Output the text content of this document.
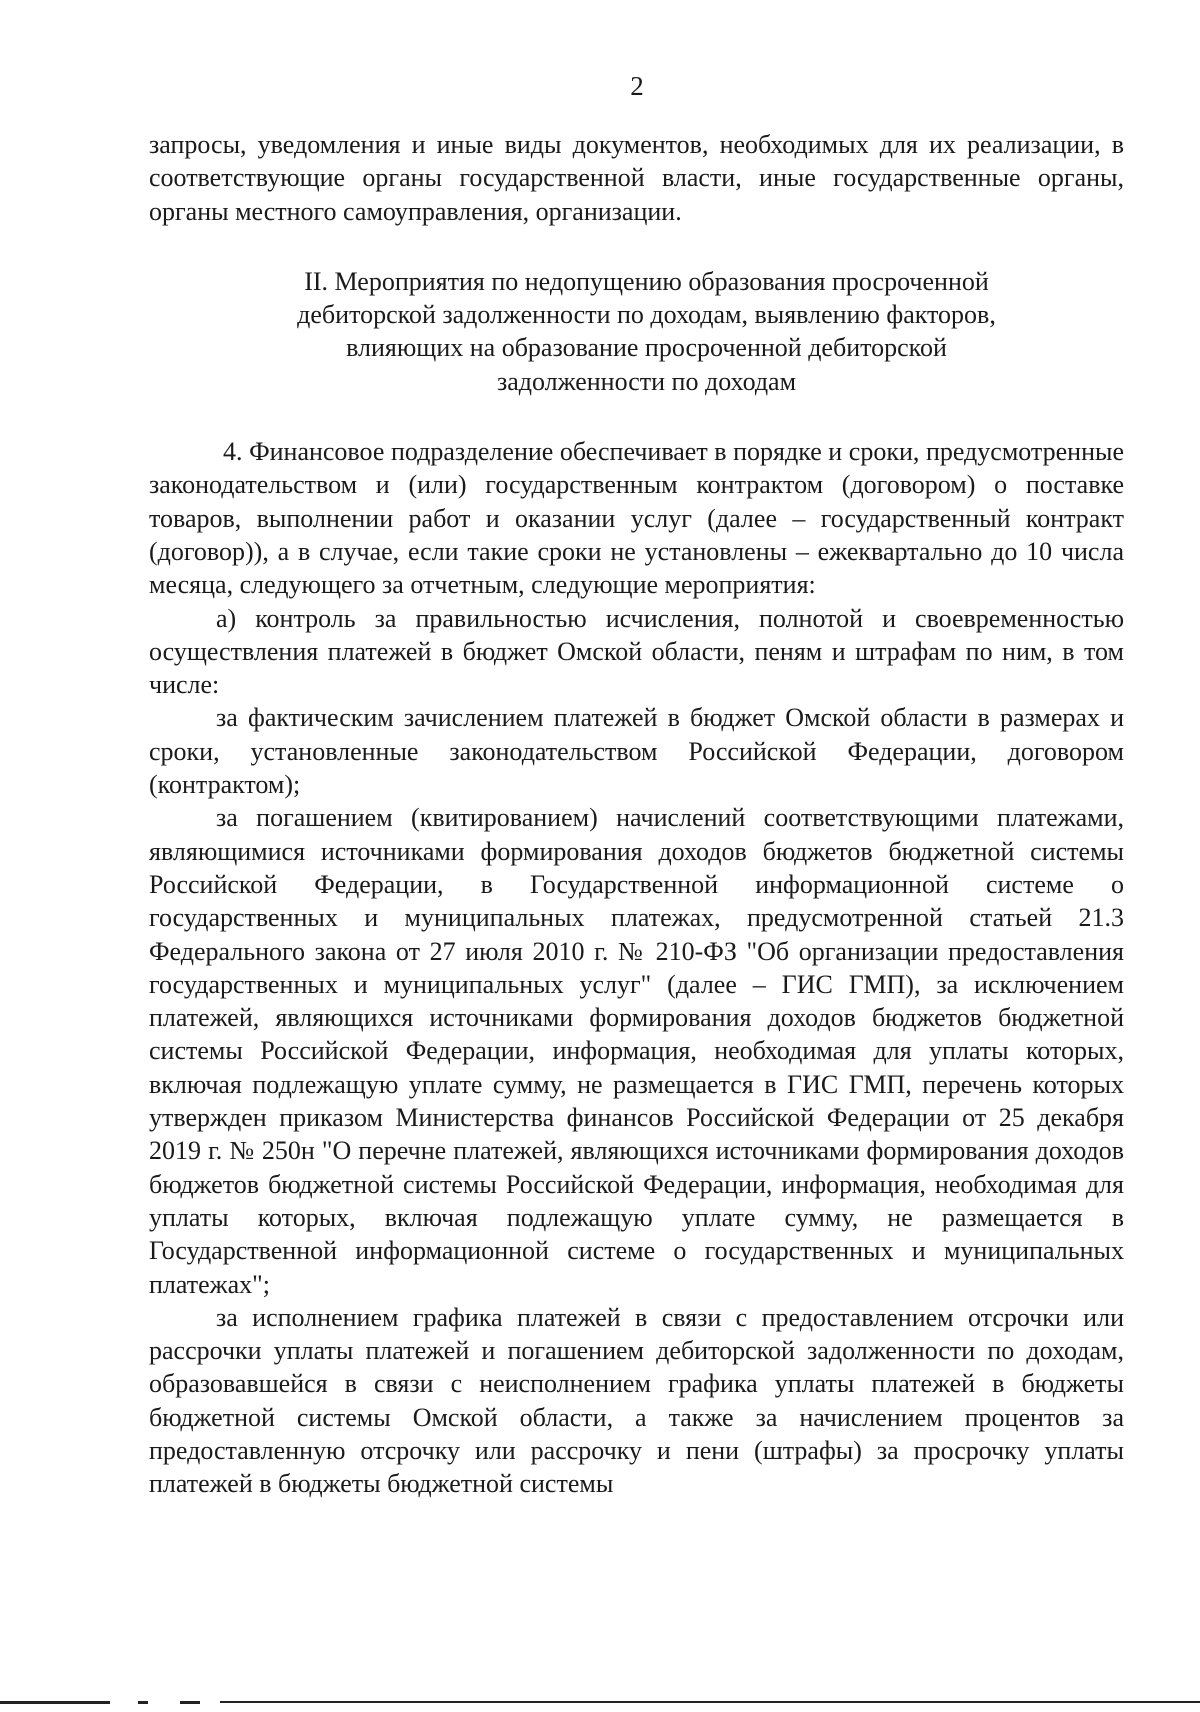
2

запросы, уведомления и иные виды документов, необходимых для их реализации, в соответствующие органы государственной власти, иные государственные органы, органы местного самоуправления, организации.

II. Мероприятия по недопущению образования просроченной
дебиторской задолженности по доходам, выявлению факторов,
влияющих на образование просроченной дебиторской
задолженности по доходам

4. Финансовое подразделение обеспечивает в порядке и сроки, предусмотренные законодательством и (или) государственным контрактом (договором) о поставке товаров, выполнении работ и оказании услуг (далее – государственный контракт (договор)), а в случае, если такие сроки не установлены – ежеквартально до 10 числа месяца, следующего за отчетным, следующие мероприятия:

а) контроль за правильностью исчисления, полнотой и своевременностью осуществления платежей в бюджет Омской области, пеням и штрафам по ним, в том числе:

за фактическим зачислением платежей в бюджет Омской области в размерах и сроки, установленные законодательством Российской Федерации, договором (контрактом);

за погашением (квитированием) начислений соответствующими платежами, являющимися источниками формирования доходов бюджетов бюджетной системы Российской Федерации, в Государственной информационной системе о государственных и муниципальных платежах, предусмотренной статьей 21.3 Федерального закона от 27 июля 2010 г. № 210-ФЗ "Об организации предоставления государственных и муниципальных услуг" (далее – ГИС ГМП), за исключением платежей, являющихся источниками формирования доходов бюджетов бюджетной системы Российской Федерации, информация, необходимая для уплаты которых, включая подлежащую уплате сумму, не размещается в ГИС ГМП, перечень которых утвержден приказом Министерства финансов Российской Федерации от 25 декабря 2019 г. № 250н "О перечне платежей, являющихся источниками формирования доходов бюджетов бюджетной системы Российской Федерации, информация, необходимая для уплаты которых, включая подлежащую уплате сумму, не размещается в Государственной информационной системе о государственных и муниципальных платежах";

за исполнением графика платежей в связи с предоставлением отсрочки или рассрочки уплаты платежей и погашением дебиторской задолженности по доходам, образовавшейся в связи с неисполнением графика уплаты платежей в бюджеты бюджетной системы Омской области, а также за начислением процентов за предоставленную отсрочку или рассрочку и пени (штрафы) за просрочку уплаты платежей в бюджеты бюджетной системы
